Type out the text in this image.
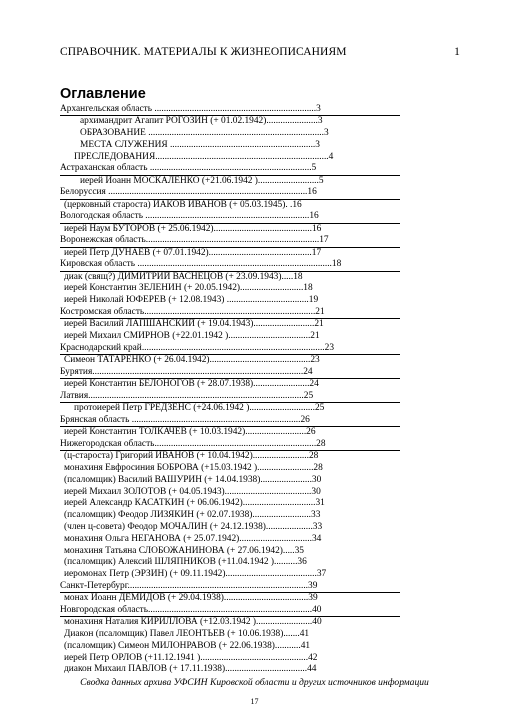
СПРАВОЧНИК. МАТЕРИАЛЫ К ЖИЗНЕОПИСАНИЯМ	1
Оглавление
Архангельская область .....................................................................3
архимандрит Агапит РОГОЗИН (+ 01.02.1942)......................3
ОБРАЗОВАНИЕ ...........................................................................3
МЕСТА СЛУЖЕНИЯ ..............................................................3
ПРЕСЛЕДОВАНИЯ..........................................................................4
Астраханская область .....................................................................5
иерей Иоанн МОСКАЛЕНКО (+21.06.1942 )..........................5
Белоруссия .....................................................................................16
(церковный староста) ИАКОВ ИВАНОВ (+ 05.03.1945). .16
Вологодская область ......................................................................16
иерей Наум БУТОРОВ (+ 25.06.1942)..........................................16
Воронежская область..........................................................................17
иерей Петр ДУНАЕВ (+ 07.01.1942)............................................17
Кировская область ...................................................................................18
диак (свящ?) ДИМИТРИЙ ВАСНЕЦОВ (+ 23.09.1943).....18
иерей Константин ЗЕЛЕНИН (+ 20.05.1942)...........................18
иерей Николай ЮФЕРЕВ (+ 12.08.1943) ...................................19
Костромская область.........................................................................21
иерей Василий ЛАПШАНСКИЙ (+ 19.04.1943)..........................21
иерей Михаил СМИРНОВ (+22.01.1942 )...................................21
Краснодарский край..............................................................................23
Симеон ТАТАРЕНКО (+ 26.04.1942)...........................................23
Бурятия..........................................................................................24
иерей Константин БЕЛОНОГОВ (+ 28.07.1938)........................24
Латвия............................................................................................25
протоиерей Петр ГРЕДЗЕНС (+24.06.1942 )............................25
Брянская область ........................................................................26
иерей Константин ТОЛКАЧЕВ (+ 10.03.1942)..........................26
Нижегородская область.....................................................................28
(ц-староста) Григорий ИВАНОВ (+ 10.04.1942)........................28
монахиня Евфросиния БОБРОВА (+15.03.1942 )........................28
(псаломщик) Василий ВАШУРИН (+ 14.04.1938)......................30
иерей Михаил ЗОЛОТОВ (+ 04.05.1943).....................................30
иерей Александр КАСАТКИН (+ 06.06.1942)...............................31
(псаломщик) Феодор ЛИЗЯКИН (+ 02.07.1938).........................33
(член ц-совета) Феодор МОЧАЛИН (+ 24.12.1938)....................33
монахиня Ольга НЕГАНОВА (+ 25.07.1942)...............................34
монахиня Татьяна СЛОБОЖАНИНОВА (+ 27.06.1942).....35
(псаломщик) Алексий ШЛЯПНИКОВ (+11.04.1942 )..........36
иеромонах Петр (ЭРЗИН) (+ 09.11.1942).......................................37
Санкт-Петербург.............................................................................39
монах Иоанн ДЕМИДОВ (+ 29.04.1938)....................................39
Новгородская область......................................................................40
монахиня Наталия КИРИЛЛОВА (+12.03.1942 )........................40
Диакон (псаломщик) Павел ЛЕОНТЬЕВ (+ 10.06.1938).......41
(псаломщик) Симеон МИЛОНРАВОВ (+ 22.06.1938)...........41
иерей Петр ОРЛОВ (+11.12.1941 )..............................................42
диакон Михаил ПАВЛОВ (+ 17.11.1938)...................................44
Сводка данных архива УФСИН Кировской области и других источников информации
17
